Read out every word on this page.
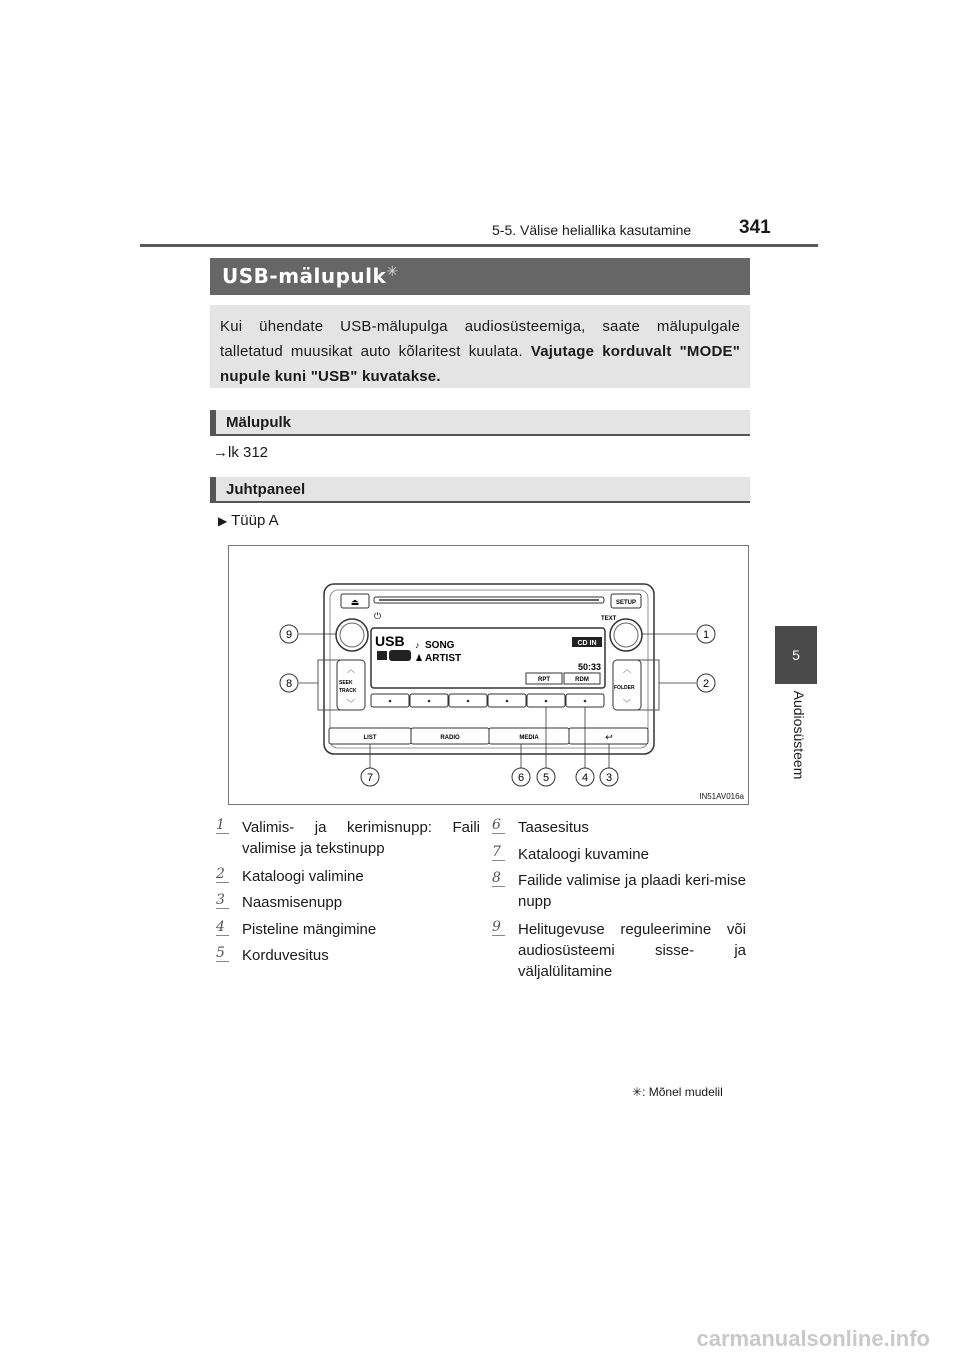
5-5. Välise heliallika kasutamine	341
5
Audiosüsteem
USB-mälupulk✳
Kui ühendate USB-mälupulga audiosüsteemiga, saate mälupulgale talletatud muusikat auto kõlaritest kuulata. Vajutage korduvalt "MODE" nupule kuni "USB" kuvatakse.
Mälupulk
→lk 312
Juhtpaneel
▶ Tüüp A
⏏	SETUP
⏻	TEXT
USB ♪ SONG
♟ ARTIST
CD IN
50:33
RPT	RDM
︿
SEEK
TRACK
﹀
︿
FOLDER
﹀
LIST	RADIO	MEDIA	↩
1
2
3
4
5
6
7
8
9
IN51AV016a
1 Valimis- ja kerimisnupp: Faili valimise ja tekstinupp
2 Kataloogi valimine
3 Naasmisenupp
4 Pisteline mängimine
5 Korduvesitus
6 Taasesitus
7 Kataloogi kuvamine
8 Failide valimise ja plaadi keri-mise nupp
9 Helitugevuse reguleerimine või audiosüsteemi sisse- ja väljalülitamine
✳: Mõnel mudelil
carmanualsonline.info
